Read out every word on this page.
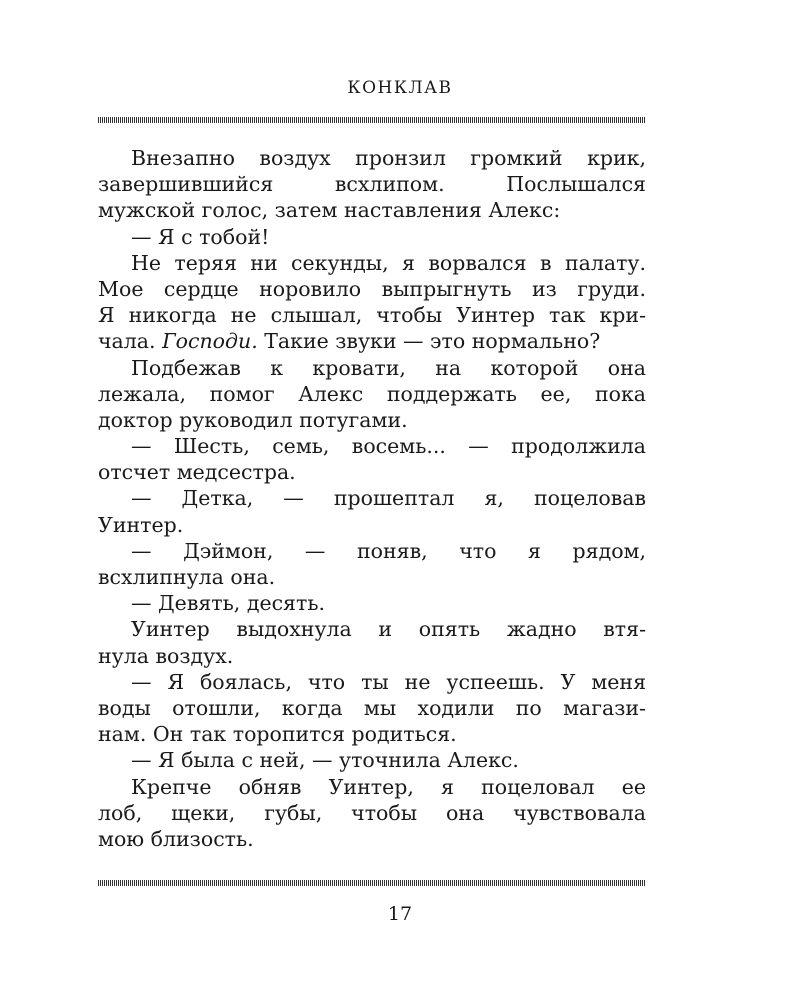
КОНКЛАВ
Внезапно воздух пронзил громкий крик,
завершившийся всхлипом. Послышался
мужской голос, затем наставления Алекс:
— Я с тобой!
Не теряя ни секунды, я ворвался в палату.
Мое сердце норовило выпрыгнуть из груди.
Я никогда не слышал, чтобы Уинтер так кри-
чала. Господи. Такие звуки — это нормально?
Подбежав к кровати, на которой она
лежала, помог Алекс поддержать ее, пока
доктор руководил потугами.
— Шесть, семь, восемь... — продолжила
отсчет медсестра.
— Детка, — прошептал я, поцеловав
Уинтер.
— Дэймон, — поняв, что я рядом,
всхлипнула она.
— Девять, десять.
Уинтер выдохнула и опять жадно втя-
нула воздух.
— Я боялась, что ты не успеешь. У меня
воды отошли, когда мы ходили по магази-
нам. Он так торопится родиться.
— Я была с ней, — уточнила Алекс.
Крепче обняв Уинтер, я поцеловал ее
лоб, щеки, губы, чтобы она чувствовала
мою близость.
17
